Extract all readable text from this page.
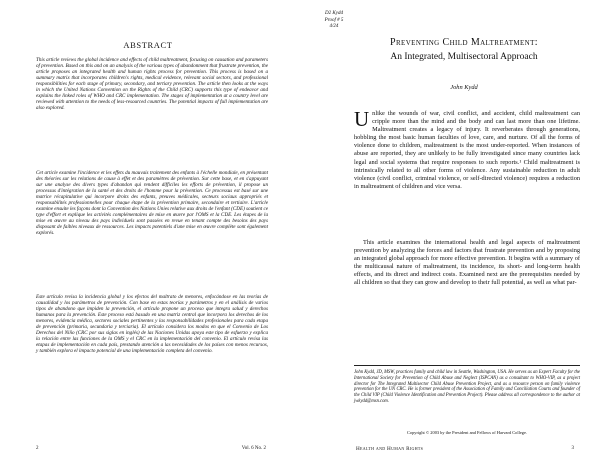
ABSTRACT

This article reviews the global incidence and effects of child maltreatment, focusing on causation and parameters of prevention. Based on this and on an analysis of the various types of abandonment that frustrate prevention, the article proposes an integrated health and human rights process for prevention. This process is based on a summary matrix that incorporates children's rights, medical evidence, relevant social sectors, and professional responsibilities for each stage of primary, secondary, and tertiary prevention. The article then looks at the ways in which the United Nations Convention on the Rights of the Child (CRC) supports this type of endeavor and explains the linked roles of WHO and CRC implementation. The stages of implementation at a country level are reviewed with attention to the needs of less-resourced countries. The potential impacts of full implementation are also explored.

Cet article examine l'incidence et les effets du mauvais traitement des enfants à l'échelle mondiale, en présentant des théories sur les relations de cause à effet et des paramètres de prévention. Sur cette base, et en s'appuyant sur une analyse des divers types d'abandon qui rendent difficiles les efforts de prévention, il propose un processus d'intégration de la santé et des droits de l'homme pour la prévention. Ce processus est basé sur une matrice récapitulative qui incorpore droits des enfants, preuves médicales, secteurs sociaux appropriés et responsabilités professionnelles pour chaque étape de la prévention primaire, secondaire et tertiaire. L'article examine ensuite les façons dont la Convention des Nations Unies relative aux droits de l'enfant (CDE) soutient ce type d'effort et explique les activités complémentaires de mise en œuvre par l'OMS et la CDE. Les étapes de la mise en œuvre au niveau des pays individuels sont passées en revue en tenant compte des besoins des pays disposant de faibles niveaux de ressources. Les impacts potentiels d'une mise en œuvre complète sont également explorés.

Este artículo revisa la incidencia global y los efectos del maltrato de menores, enfocándose en las teorías de causalidad y los parámetros de prevención. Con base en estas teorías y parámetros y en el análisis de varios tipos de abandono que impiden la prevención, el artículo propone un proceso que integra salud y derechos humanos para la prevención. Este proceso está basado en una matriz central que incorpora los derechos de los menores, evidencia médica, sectores sociales pertinentes y las responsabilidades profesionales para cada etapa de prevención (primaria, secundaria y terciaria). El artículo considera los modos en que el Convenio de Los Derechos del Niño (CRC por sus siglas en inglés) de las Naciones Unidas apoya este tipo de esfuerzo y explica la relación entre las funciones de la OMS y el CRC en la implementación del convenio. El artículo revisa las etapas de implementación en cada país, prestando atención a las necesidades de los países con menos recursos, y también explora el impacto potencial de una implementación completa del convenio.

2	Vol. 6 No. 2
D2 Kydd
Proof # 5
4/24
Preventing Child Maltreatment:
An Integrated, Multisectoral Approach
John Kydd

Unlike the wounds of war, civil conflict, and accident, child maltreatment can cripple more than the mind and the body and can last more than one lifetime. Maltreatment creates a legacy of injury. It reverberates through generations, hobbling the most basic human faculties of love, care, and nurture. Of all the forms of violence done to children, maltreatment is the most under-reported. When instances of abuse are reported, they are unlikely to be fully investigated since many countries lack legal and social systems that require responses to such reports.¹ Child maltreatment is intrinsically related to all other forms of violence. Any sustainable reduction in adult violence (civil conflict, criminal violence, or self-directed violence) requires a reduction in maltreatment of children and vice versa.

This article examines the international health and legal aspects of maltreatment prevention by analyzing the forces and factors that frustrate prevention and by proposing an integrated global approach for more effective prevention. It begins with a summary of the multicausal nature of maltreatment, its incidence, its short- and long-term health effects, and its direct and indirect costs. Examined next are the prerequisites needed by all children so that they can grow and develop to their full potential, as well as what par-

John Kydd, JD, MSW, practices family and child law in Seattle, Washington, USA. He serves as an Expert Faculty for the International Society for Prevention of Child Abuse and Neglect (ISPCAN) as a consultant to WHO-VIP, as a project director for The Integrated Multisector Child Abuse Prevention Project, and as a resource person on family violence prevention for the UN CRC. He is former president of the Association of Family and Conciliation Courts and founder of the Child VIP (Child Violence Identification and Prevention Project). Please address all correspondence to the author at jwkydd@msn.com.

Copyright © 2003 by the President and Fellows of Harvard College.
Health and Human Rights	3
